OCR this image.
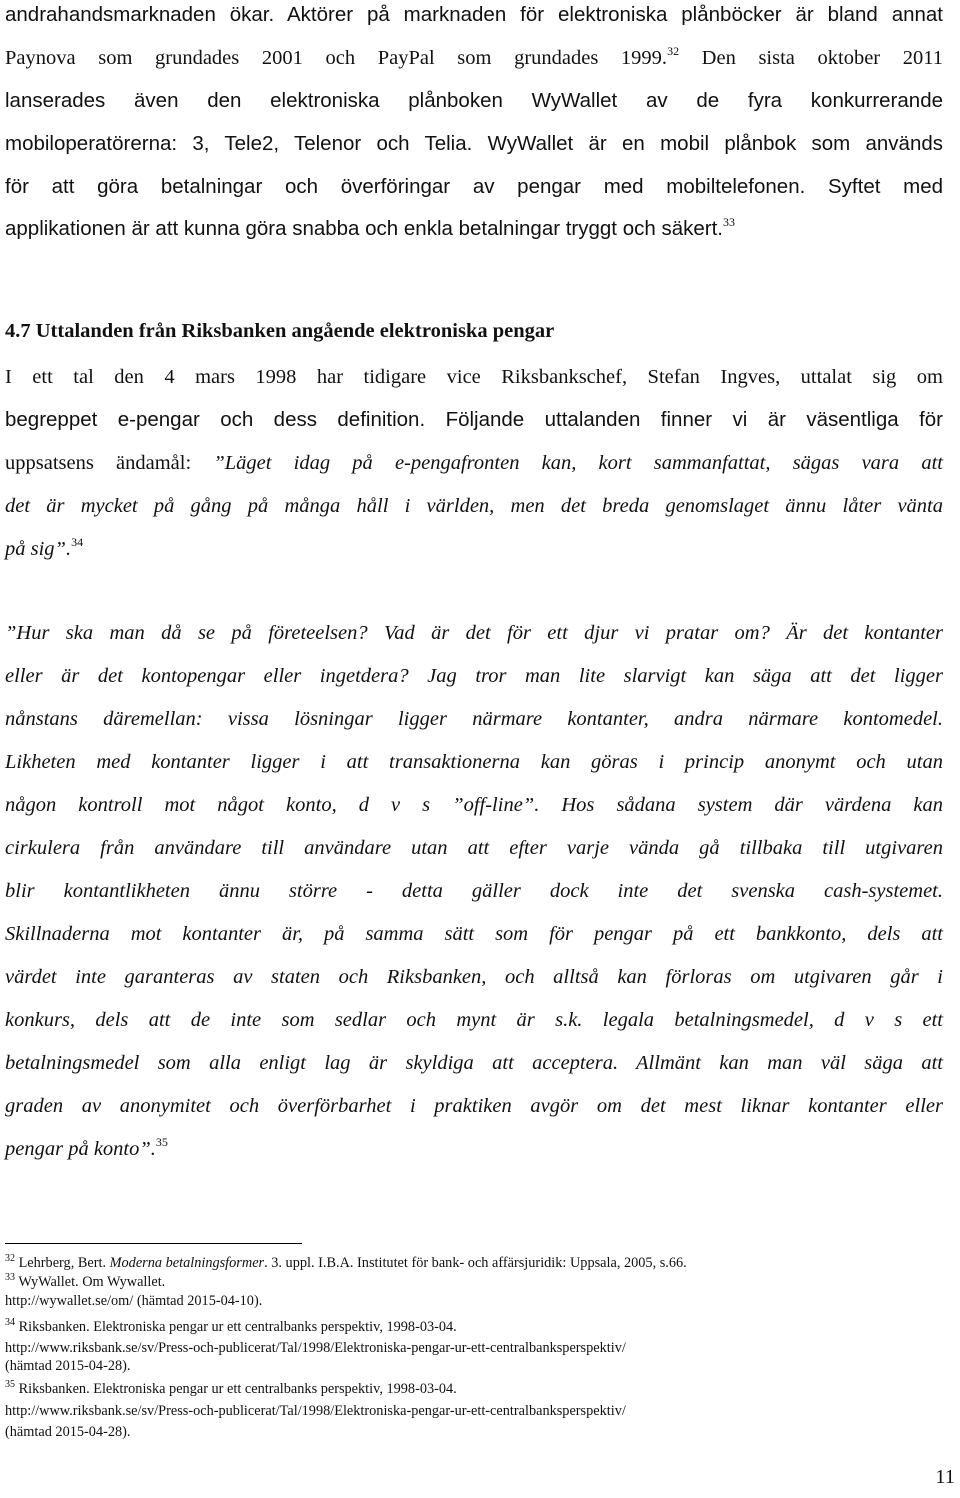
andrahandsmarknaden ökar. Aktörer på marknaden för elektroniska plånböcker är bland annat
Paynova som grundades 2001 och PayPal som grundades 1999.32 Den sista oktober 2011
lanserades även den elektroniska plånboken WyWallet av de fyra konkurrerande
mobiloperatörerna: 3, Tele2, Telenor och Telia. WyWallet är en mobil plånbok som används
för att göra betalningar och överföringar av pengar med mobiltelefonen. Syftet med
applikationen är att kunna göra snabba och enkla betalningar tryggt och säkert.$^{33}$
4.7 Uttalanden från Riksbanken angående elektroniska pengar
I ett tal den 4 mars 1998 har tidigare vice Riksbankschef, Stefan Ingves, uttalat sig om
begreppet e-pengar och dess definition. Följande uttalanden finner vi är väsentliga för
uppsatsens ändamål: ”Läget idag på e-pengafronten kan, kort sammanfattat, sägas vara att
det är mycket på gång på många håll i världen, men det breda genomslaget ännu låter vänta
på sig”.$^{34}$
”Hur ska man då se på företeelsen? Vad är det för ett djur vi pratar om? Är det kontanter
eller är det kontopengar eller ingetdera? Jag tror man lite slarvigt kan säga att det ligger
nånstans däremellan: vissa lösningar ligger närmare kontanter, andra närmare kontomedel.
Likheten med kontanter ligger i att transaktionerna kan göras i princip anonymt och utan
någon kontroll mot något konto, d v s ”off-line”. Hos sådana system där värdena kan
cirkulera från användare till användare utan att efter varje vända gå tillbaka till utgivaren
blir kontantlikheten ännu större - detta gäller dock inte det svenska cash-systemet.
Skillnaderna mot kontanter är, på samma sätt som för pengar på ett bankkonto, dels att
värdet inte garanteras av staten och Riksbanken, och alltså kan förloras om utgivaren går i
konkurs, dels att de inte som sedlar och mynt är s.k. legala betalningsmedel, d v s ett
betalningsmedel som alla enligt lag är skyldiga att acceptera. Allmänt kan man väl säga att
graden av anonymitet och överförbarhet i praktiken avgör om det mest liknar kontanter eller
pengar på konto”.$^{35}$
$^{32}$ Lehrberg, Bert. Moderna betalningsformer. 3. uppl. I.B.A. Institutet för bank- och affärsjuridik: Uppsala, 2005, s.66.
$^{33}$ WyWallet. Om Wywallet.
http://wywallet.se/om/ (hämtad 2015-04-10).
$^{34}$ Riksbanken. Elektroniska pengar ur ett centralbanks perspektiv, 1998-03-04.
http://www.riksbank.se/sv/Press-och-publicerat/Tal/1998/Elektroniska-pengar-ur-ett-centralbanksperspektiv/
(hämtad 2015-04-28).
$^{35}$ Riksbanken. Elektroniska pengar ur ett centralbanks perspektiv, 1998-03-04.
http://www.riksbank.se/sv/Press-och-publicerat/Tal/1998/Elektroniska-pengar-ur-ett-centralbanksperspektiv/
(hämtad 2015-04-28).
11
